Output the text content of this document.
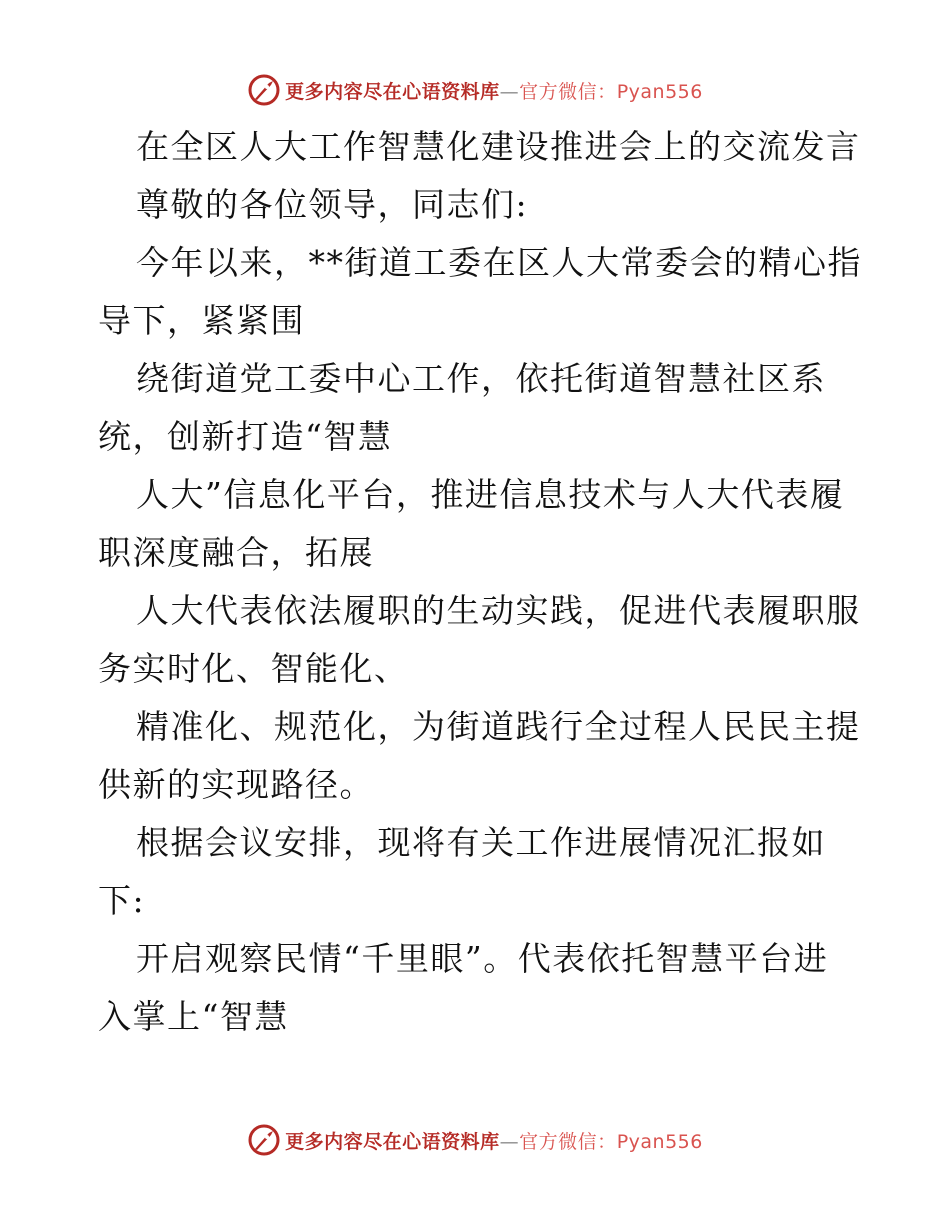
更多内容尽在心语资料库—官方微信：Pyan556
在全区人大工作智慧化建设推进会上的交流发言
尊敬的各位领导，同志们:
今年以来，**街道工委在区人大常委会的精心指
导下，紧紧围
绕街道党工委中心工作，依托街道智慧社区系
统，创新打造“智慧
人大”信息化平台，推进信息技术与人大代表履
职深度融合，拓展
人大代表依法履职的生动实践，促进代表履职服
务实时化、智能化、
精准化、规范化，为街道践行全过程人民民主提
供新的实现路径。
根据会议安排，现将有关工作进展情况汇报如
下:
开启观察民情“千里眼”。代表依托智慧平台进
入掌上“智慧
更多内容尽在心语资料库—官方微信：Pyan556
